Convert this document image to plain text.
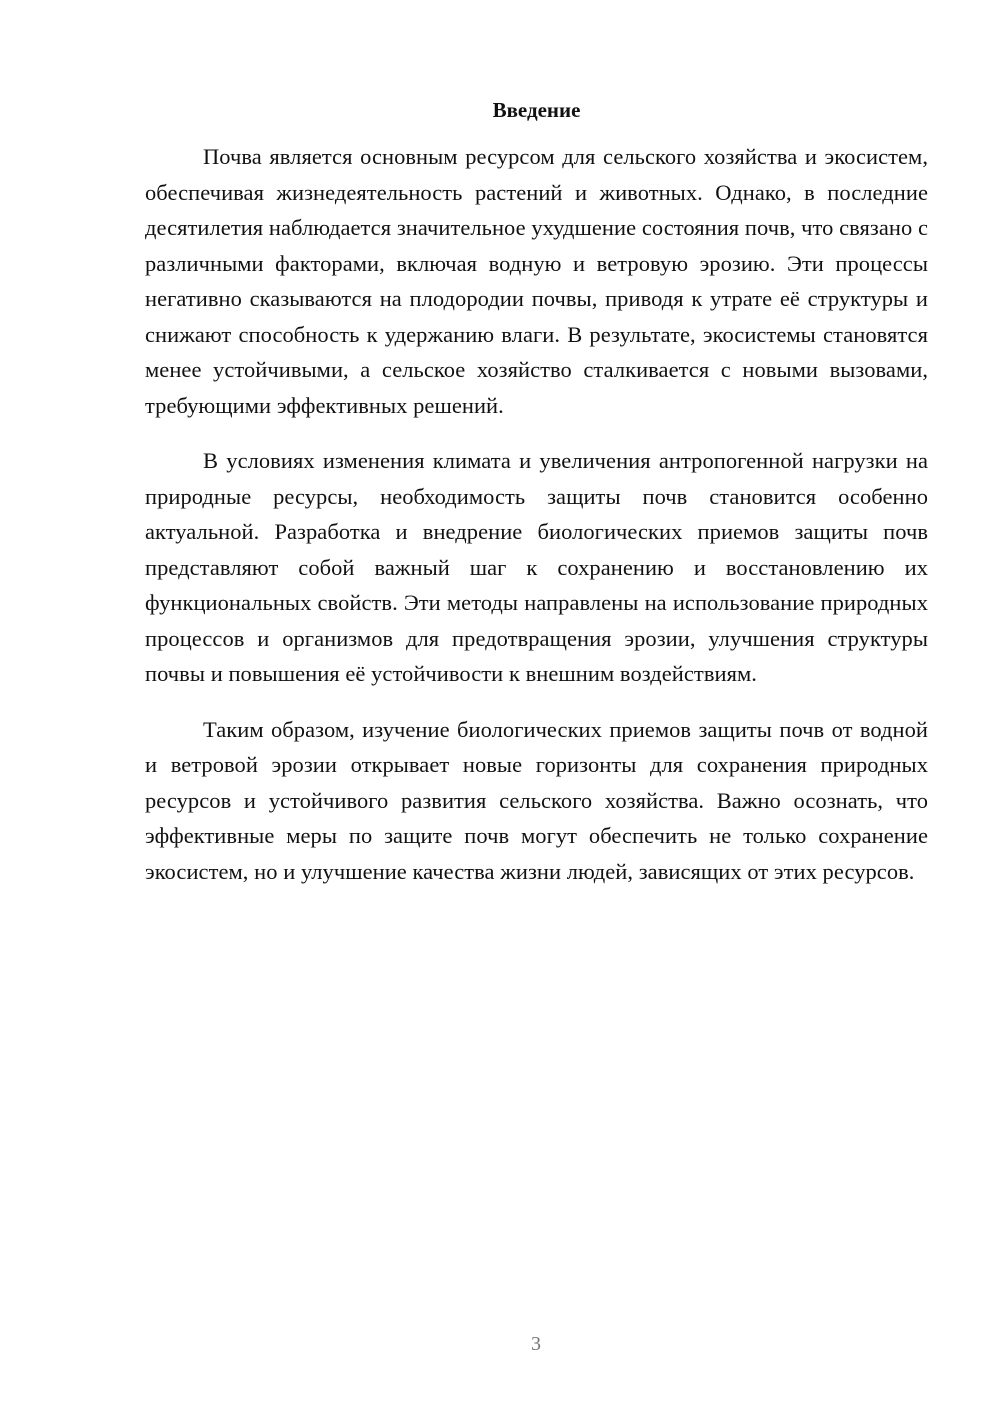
Введение

Почва является основным ресурсом для сельского хозяйства и экосистем, обеспечивая жизнедеятельность растений и животных. Однако, в последние десятилетия наблюдается значительное ухудшение состояния почв, что связано с различными факторами, включая водную и ветровую эрозию. Эти процессы негативно сказываются на плодородии почвы, приводя к утрате её структуры и снижают способность к удержанию влаги. В результате, экосистемы становятся менее устойчивыми, а сельское хозяйство сталкивается с новыми вызовами, требующими эффективных решений.

В условиях изменения климата и увеличения антропогенной нагрузки на природные ресурсы, необходимость защиты почв становится особенно актуальной. Разработка и внедрение биологических приемов защиты почв представляют собой важный шаг к сохранению и восстановлению их функциональных свойств. Эти методы направлены на использование природных процессов и организмов для предотвращения эрозии, улучшения структуры почвы и повышения её устойчивости к внешним воздействиям.

Таким образом, изучение биологических приемов защиты почв от водной и ветровой эрозии открывает новые горизонты для сохранения природных ресурсов и устойчивого развития сельского хозяйства. Важно осознать, что эффективные меры по защите почв могут обеспечить не только сохранение экосистем, но и улучшение качества жизни людей, зависящих от этих ресурсов.

3
